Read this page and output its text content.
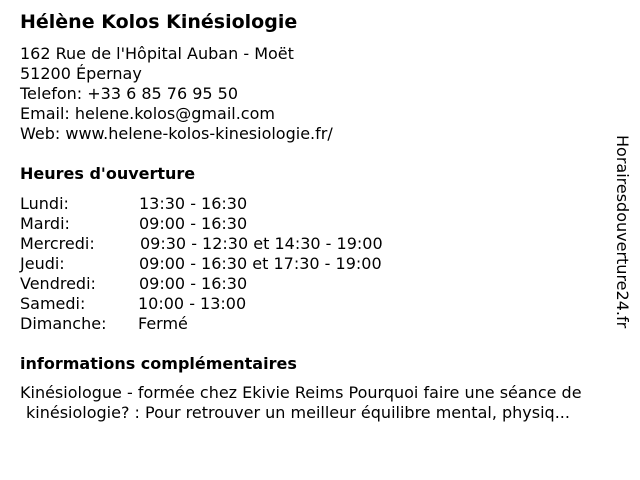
Hélène Kolos Kinésiologie
162 Rue de l'Hôpital Auban - Moët
51200 Épernay
Telefon: +33 6 85 76 95 50
Email: helene.kolos@gmail.com
Web: www.helene-kolos-kinesiologie.fr/
Heures d'ouverture
Lundi:	13:30 - 16:30
Mardi:	09:00 - 16:30
Mercredi:	09:30 - 12:30 et 14:30 - 19:00
Jeudi:	09:00 - 16:30 et 17:30 - 19:00
Vendredi:	09:00 - 16:30
Samedi:	10:00 - 13:00
Dimanche: Fermé
informations complémentaires
Kinésiologue - formée chez Ekivie Reims Pourquoi faire une séance de
kinésiologie? : Pour retrouver un meilleur équilibre mental, physiq...
Horairesdouverture24.fr
